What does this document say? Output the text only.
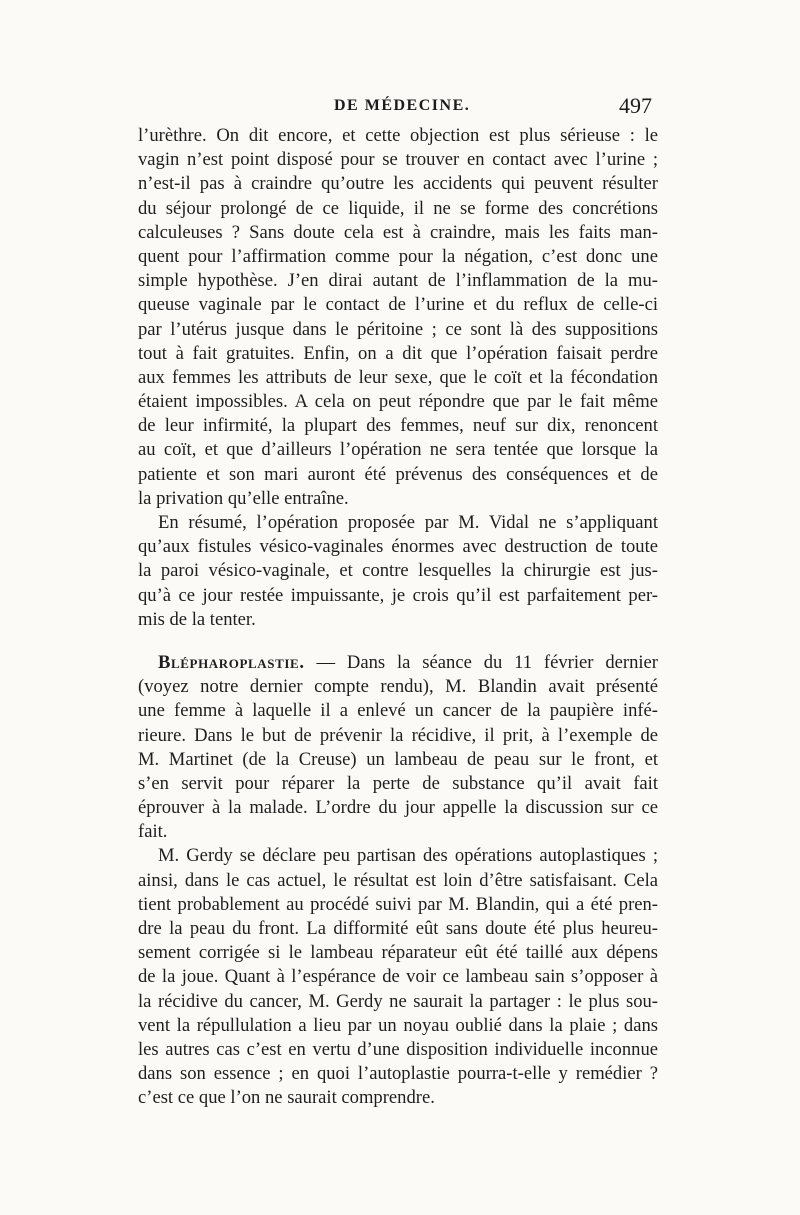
DE MÉDECINE.	497
l’urèthre. On dit encore, et cette objection est plus sérieuse : le
vagin n’est point disposé pour se trouver en contact avec l’urine ;
n’est-il pas à craindre qu’outre les accidents qui peuvent résulter
du séjour prolongé de ce liquide, il ne se forme des concrétions
calculeuses ? Sans doute cela est à craindre, mais les faits man-
quent pour l’affirmation comme pour la négation, c’est donc une
simple hypothèse. J’en dirai autant de l’inflammation de la mu-
queuse vaginale par le contact de l’urine et du reflux de celle-ci
par l’utérus jusque dans le péritoine ; ce sont là des suppositions
tout à fait gratuites. Enfin, on a dit que l’opération faisait perdre
aux femmes les attributs de leur sexe, que le coït et la fécondation
étaient impossibles. A cela on peut répondre que par le fait même
de leur infirmité, la plupart des femmes, neuf sur dix, renoncent
au coït, et que d’ailleurs l’opération ne sera tentée que lorsque la
patiente et son mari auront été prévenus des conséquences et de
la privation qu’elle entraîne.
En résumé, l’opération proposée par M. Vidal ne s’appliquant
qu’aux fistules vésico-vaginales énormes avec destruction de toute
la paroi vésico-vaginale, et contre lesquelles la chirurgie est jus-
qu’à ce jour restée impuissante, je crois qu’il est parfaitement per-
mis de la tenter.
Blépharoplastie. — Dans la séance du 11 février dernier
(voyez notre dernier compte rendu), M. Blandin avait présenté
une femme à laquelle il a enlevé un cancer de la paupière infé-
rieure. Dans le but de prévenir la récidive, il prit, à l’exemple de
M. Martinet (de la Creuse) un lambeau de peau sur le front, et
s’en servit pour réparer la perte de substance qu’il avait fait
éprouver à la malade. L’ordre du jour appelle la discussion sur ce
fait.
M. Gerdy se déclare peu partisan des opérations autoplastiques ;
ainsi, dans le cas actuel, le résultat est loin d’être satisfaisant. Cela
tient probablement au procédé suivi par M. Blandin, qui a été pren-
dre la peau du front. La difformité eût sans doute été plus heureu-
sement corrigée si le lambeau réparateur eût été taillé aux dépens
de la joue. Quant à l’espérance de voir ce lambeau sain s’opposer à
la récidive du cancer, M. Gerdy ne saurait la partager : le plus sou-
vent la répullulation a lieu par un noyau oublié dans la plaie ; dans
les autres cas c’est en vertu d’une disposition individuelle inconnue
dans son essence ; en quoi l’autoplastie pourra-t-elle y remédier ?
c’est ce que l’on ne saurait comprendre.
